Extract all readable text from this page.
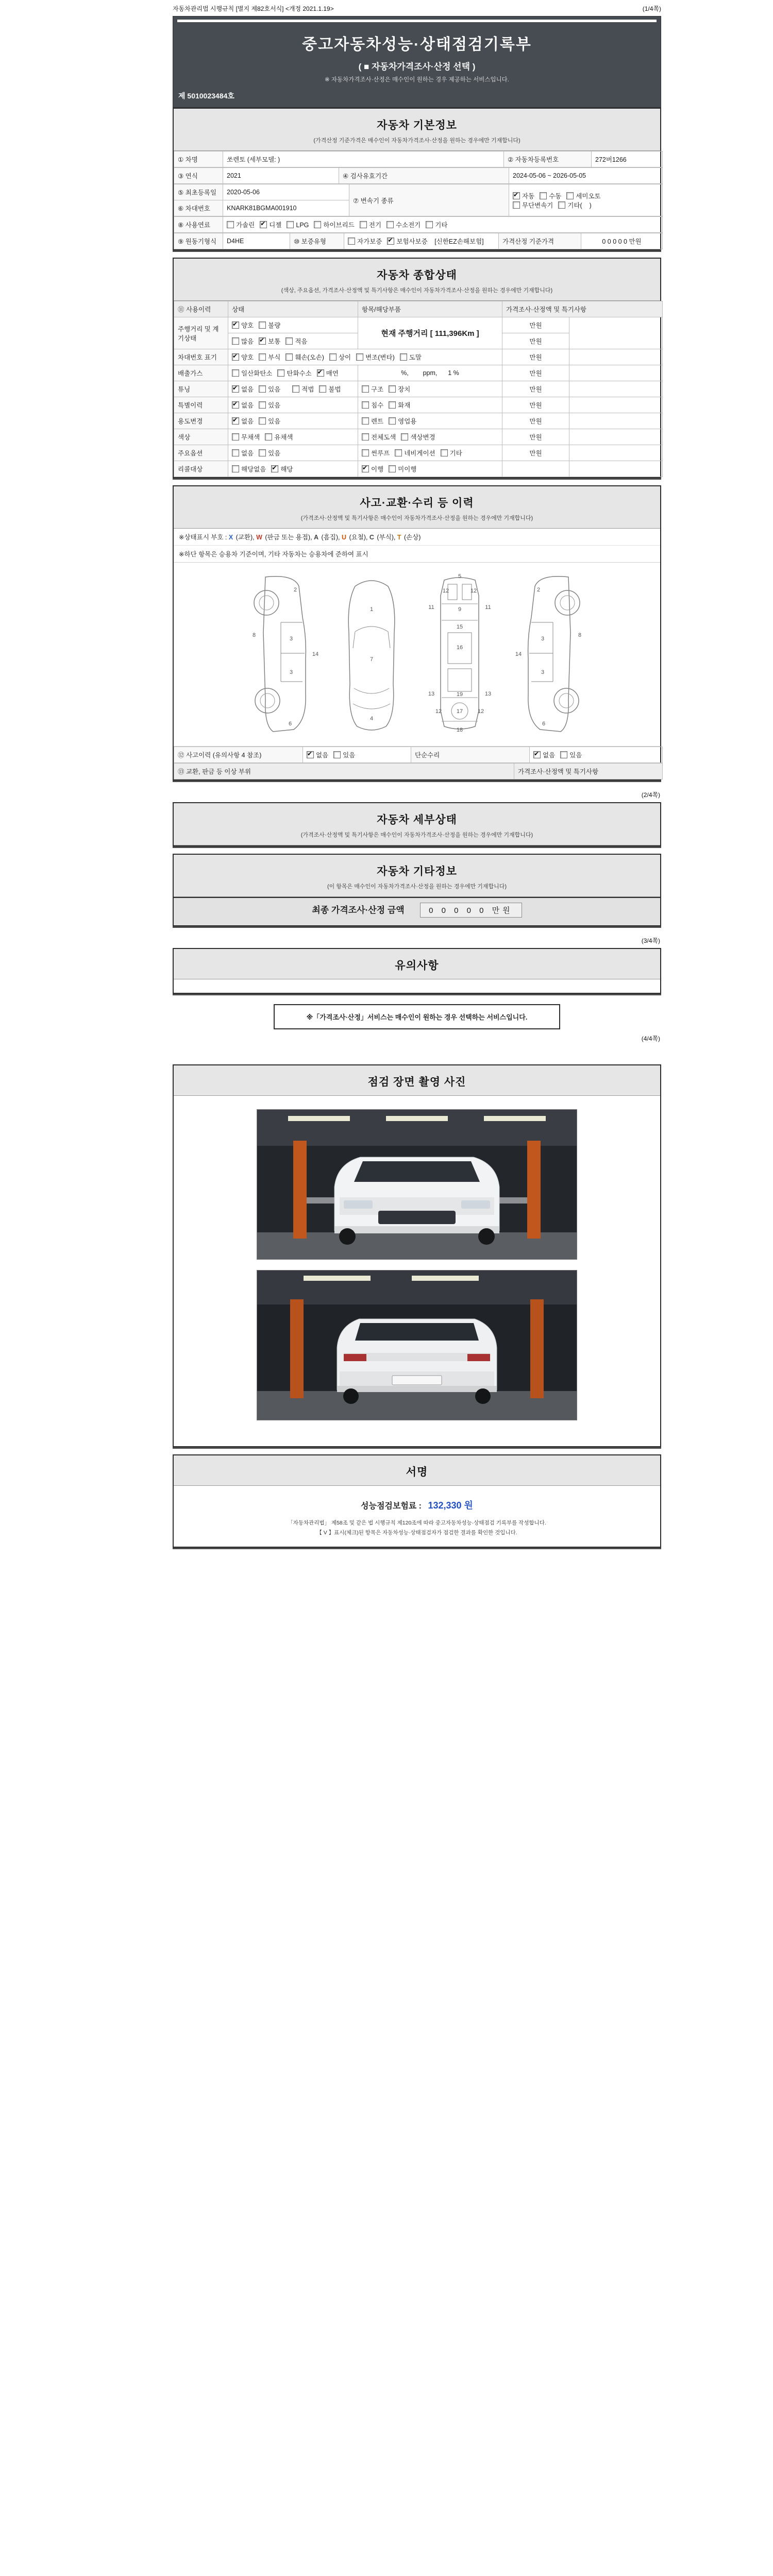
자동차관리법 시행규칙 [별지 제82호서식] <개정 2021.1.19>	(1/4쪽)
중고자동차성능·상태점검기록부
( ■ 자동차가격조사·산정 선택 )
※ 자동차가격조사·산정은 매수인이 원하는 경우 제공하는 서비스입니다.
제 5010023484호
자동차 기본정보
(가격산정 기준가격은 매수인이 자동차가격조사·산정을 원하는 경우에만 기재합니다)
① 차명	쏘렌토 (세부모델: )	② 자동차등록번호	272버1266
③ 연식	2021	④ 검사유효기간	2024-05-06 ~ 2026-05-05
⑤ 최초등록일	2020-05-06	⑦ 변속기 종류	✔자동 수동 세미오토
무단변속기 기타(    )
⑥ 차대번호	KNARK81BGMA001910		
⑧ 사용연료	가솔린 ✔ 디젤 LPG 하이브리드 전기 수소전기 기타
⑨ 원동기형식	D4HE	⑩ 보증유형	자가보증 ✔ 보험사보증 [신한EZ손해보험]	가격산정 기준가격	0 0 0 0 0 만원
자동차 종합상태
(색상, 주요옵션, 가격조사·산정액 및 특기사항은 매수인이 자동차가격조사·산정을 원하는 경우에만 기재합니다)
⑪ 사용이력	상태	항목/해당부품	가격조사·산정액 및 특기사항	
주행거리 및 계기상태	✔양호 불량	현재 주행거리 [ 111,396Km ]	만원	
	많음 ✔ 보통 적음		만원	
차대번호 표기	✔양호 부식 훼손(오손) 상이 변조(변타) 도말		만원	
배출가스	일산화탄소 탄화수소 ✔ 매연	%,        ppm,      1 %	만원	
튜닝	✔없음 있음 적법 불법	구조 장치	만원	
특별이력	✔없음 있음	침수 화재	만원	
용도변경	✔없음 있음	렌트 영업용	만원	
색상	무채색 유채색	전체도색 색상변경	만원	
주요옵션	없음 있음	썬루프 네비게이션 기타	만원	
리콜대상	해당없음 ✔ 해당	✔이행 미이행		
사고·교환·수리 등 이력
(가격조사·산정액 및 특기사항은 매수인이 자동차가격조사·산정을 원하는 경우에만 기재합니다)
※상태표시 부호 : X (교환), W (판금 또는 용접), A (흠집), U (요철), C (부식), T (손상)
※하단 항목은 승용차 기준이며, 기타 자동차는 승용차에 준하여 표시
2
8
3
14
3
6
1
7
4
5
12	12
11	9	11
15
16
13	19	13
12	17	12
18
2
8
3
14
3
6
⑫ 사고이력 (유의사항 4 참조)	✔없음 있음	단순수리	✔없음 있음
⑬ 교환, 판금 등 이상 부위	가격조사·산정액 및 특기사항

(2/4쪽)
자동차 세부상태
(가격조사·산정액 및 특기사항은 매수인이 자동차가격조사·산정을 원하는 경우에만 기재합니다)
자동차 기타정보
(이 항목은 매수인이 자동차가격조사·산정을 원하는 경우에만 기재합니다)
최종 가격조사·산정 금액	0 0 0 0 0 만원
(3/4쪽)
유의사항
※「가격조사·산정」서비스는 매수인이 원하는 경우 선택하는 서비스입니다.
(4/4쪽)
점검 장면 촬영 사진
서명
성능점검보험료 : 132,330 원
「자동차관리법」 제58조 및 같은 법 시행규칙 제120조에 따라 중고자동차성능·상태점검 기록부를 작성합니다.
【 V 】표시(체크)된 항목은 자동차성능·상태점검자가 점검한 결과를 확인한 것입니다.
